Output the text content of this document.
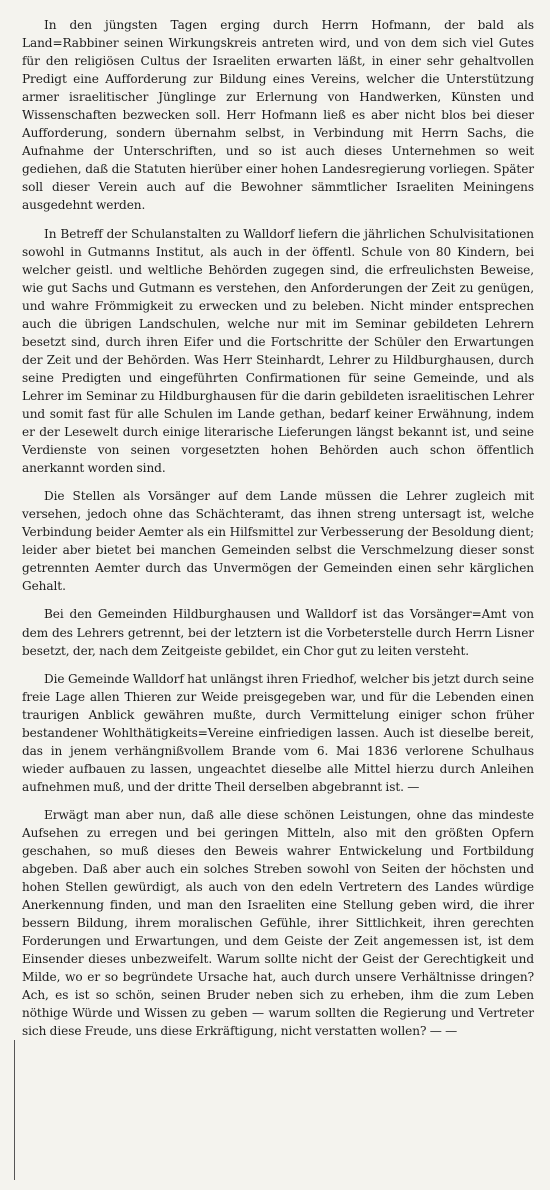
In den jüngsten Tagen erging durch Herrn Hofmann, der bald als Land=Rabbiner seinen Wirkungskreis antreten wird, und von dem sich viel Gutes für den religiösen Cultus der Israeliten erwarten läßt, in einer sehr gehaltvollen Predigt eine Aufforderung zur Bildung eines Vereins, welcher die Unterstützung armer israelitischer Jünglinge zur Erlernung von Handwerken, Künsten und Wissenschaften bezwecken soll. Herr Hofmann ließ es aber nicht blos bei dieser Aufforderung, sondern übernahm selbst, in Verbindung mit Herrn Sachs, die Aufnahme der Unterschriften, und so ist auch dieses Unternehmen so weit gediehen, daß die Statuten hierüber einer hohen Landesregierung vorliegen. Später soll dieser Verein auch auf die Bewohner sämmtlicher Israeliten Meiningens ausgedehnt werden.

In Betreff der Schulanstalten zu Walldorf liefern die jährlichen Schulvisitationen sowohl in Gutmanns Institut, als auch in der öffentl. Schule von 80 Kindern, bei welcher geistl. und weltliche Behörden zugegen sind, die erfreulichsten Beweise, wie gut Sachs und Gutmann es verstehen, den Anforderungen der Zeit zu genügen, und wahre Frömmigkeit zu erwecken und zu beleben. Nicht minder entsprechen auch die übrigen Landschulen, welche nur mit im Seminar gebildeten Lehrern besetzt sind, durch ihren Eifer und die Fortschritte der Schüler den Erwartungen der Zeit und der Behörden. Was Herr Steinhardt, Lehrer zu Hildburghausen, durch seine Predigten und eingeführten Confirmationen für seine Gemeinde, und als Lehrer im Seminar zu Hildburghausen für die darin gebildeten israelitischen Lehrer und somit fast für alle Schulen im Lande gethan, bedarf keiner Erwähnung, indem er der Lesewelt durch einige literarische Lieferungen längst bekannt ist, und seine Verdienste von seinen vorgesetzten hohen Behörden auch schon öffentlich anerkannt worden sind.

Die Stellen als Vorsänger auf dem Lande müssen die Lehrer zugleich mit versehen, jedoch ohne das Schächteramt, das ihnen streng untersagt ist, welche Verbindung beider Aemter als ein Hilfsmittel zur Verbesserung der Besoldung dient; leider aber bietet bei manchen Gemeinden selbst die Verschmelzung dieser sonst getrennten Aemter durch das Unvermögen der Gemeinden einen sehr kärglichen Gehalt.

Bei den Gemeinden Hildburghausen und Walldorf ist das Vorsänger=Amt von dem des Lehrers getrennt, bei der letztern ist die Vorbeterstelle durch Herrn Lisner besetzt, der, nach dem Zeitgeiste gebildet, ein Chor gut zu leiten versteht.

Die Gemeinde Walldorf hat unlängst ihren Friedhof, welcher bis jetzt durch seine freie Lage allen Thieren zur Weide preisgegeben war, und für die Lebenden einen traurigen Anblick gewähren mußte, durch Vermittelung einiger schon früher bestandener Wohlthätigkeits=Vereine einfriedigen lassen. Auch ist dieselbe bereit, das in jenem verhängnißvollem Brande vom 6. Mai 1836 verlorene Schulhaus wieder aufbauen zu lassen, ungeachtet dieselbe alle Mittel hierzu durch Anleihen aufnehmen muß, und der dritte Theil derselben abgebrannt ist. —

Erwägt man aber nun, daß alle diese schönen Leistungen, ohne das mindeste Aufsehen zu erregen und bei geringen Mitteln, also mit den größten Opfern geschahen, so muß dieses den Beweis wahrer Entwickelung und Fortbildung abgeben. Daß aber auch ein solches Streben sowohl von Seiten der höchsten und hohen Stellen gewürdigt, als auch von den edeln Vertretern des Landes würdige Anerkennung finden, und man den Israeliten eine Stellung geben wird, die ihrer bessern Bildung, ihrem moralischen Gefühle, ihrer Sittlichkeit, ihren gerechten Forderungen und Erwartungen, und dem Geiste der Zeit angemessen ist, ist dem Einsender dieses unbezweifelt. Warum sollte nicht der Geist der Gerechtigkeit und Milde, wo er so begründete Ursache hat, auch durch unsere Verhältnisse dringen? Ach, es ist so schön, seinen Bruder neben sich zu erheben, ihm die zum Leben nöthige Würde und Wissen zu geben — warum sollten die Regierung und Vertreter sich diese Freude, uns diese Erkräftigung, nicht verstatten wollen? — —
